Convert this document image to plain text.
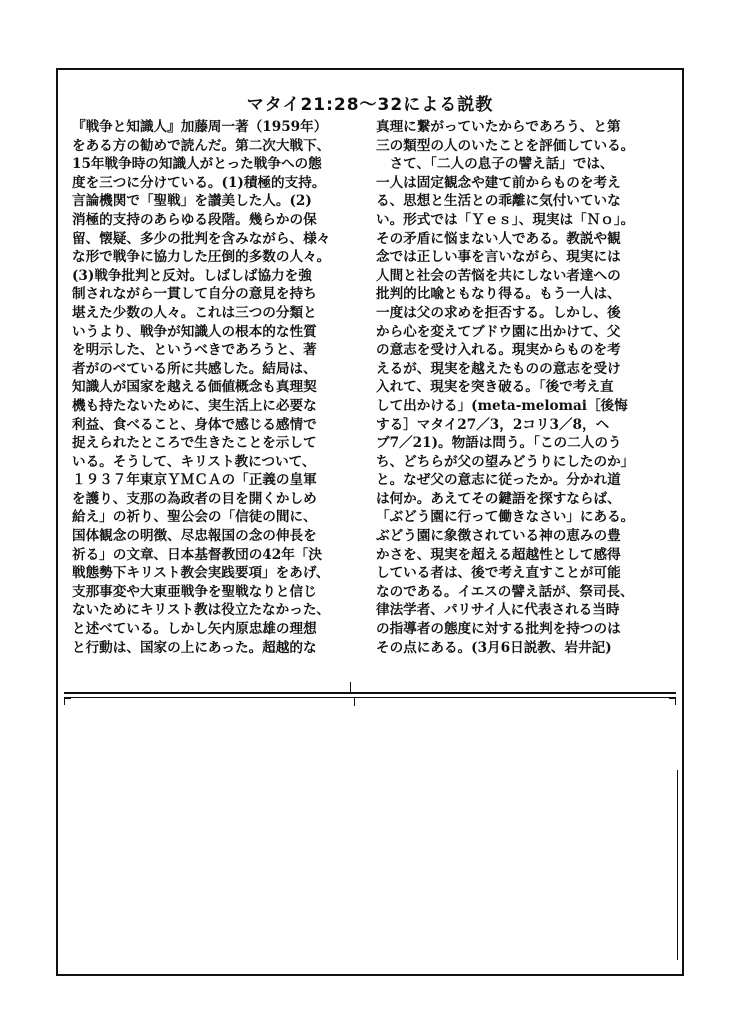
マタイ21:28〜32による説教
『戦争と知識人』加藤周一著（1959年）
をある方の勧めで読んだ。第二次大戦下、
15年戦争時の知識人がとった戦争への態
度を三つに分けている。(1)積極的支持。
言論機関で「聖戦」を讃美した人。(2)
消極的支持のあらゆる段階。幾らかの保
留、懐疑、多少の批判を含みながら、様々
な形で戦争に協力した圧倒的多数の人々。
(3)戦争批判と反対。しばしば協力を強
制されながら一貫して自分の意見を持ち
堪えた少数の人々。これは三つの分類と
いうより、戦争が知識人の根本的な性質
を明示した、というべきであろうと、著
者がのべている所に共感した。結局は、
知識人が国家を越える価値概念も真理契
機も持たないために、実生活上に必要な
利益、食べること、身体で感じる感情で
捉えられたところで生きたことを示して
いる。そうして、キリスト教について、
１９３７年東京ＹＭＣＡの「正義の皇軍
を護り、支那の為政者の目を開くかしめ
給え」の祈り、聖公会の「信徒の間に、
国体観念の明徴、尽忠報国の念の伸長を
祈る」の文章、日本基督教団の42年「決
戦態勢下キリスト教会実践要項」をあげ、
支那事変や大東亜戦争を聖戦なりと信じ
ないためにキリスト教は役立たなかった、
と述べている。しかし矢内原忠雄の理想
と行動は、国家の上にあった。超越的な
真理に繋がっていたからであろう、と第
三の類型の人のいたことを評価している。
　さて、「二人の息子の譬え話」では、
一人は固定観念や建て前からものを考え
る、思想と生活との乖離に気付いていな
い。形式では「Ｙｅｓ」、現実は「Ｎｏ」。
その矛盾に悩まない人である。教説や観
念では正しい事を言いながら、現実には
人間と社会の苦悩を共にしない者達への
批判的比喩ともなり得る。もう一人は、
一度は父の求めを拒否する。しかし、後
から心を変えてブドウ園に出かけて、父
の意志を受け入れる。現実からものを考
えるが、現実を越えたものの意志を受け
入れて、現実を突き破る。「後で考え直
して出かける」(meta-melomai［後悔
する］マタイ27／3，2コリ3／8，ヘ
ブ7／21)。物語は問う。「この二人のう
ち、どちらが父の望みどうりにしたのか」
と。なぜ父の意志に従ったか。分かれ道
は何か。あえてその鍵語を探すならば、
「ぶどう園に行って働きなさい」にある。
ぶどう園に象徴されている神の恵みの豊
かさを、現実を超える超越性として感得
している者は、後で考え直すことが可能
なのである。イエスの譬え話が、祭司長、
律法学者、パリサイ人に代表される当時
の指導者の態度に対する批判を持つのは
その点にある。(3月6日説教、岩井記)
